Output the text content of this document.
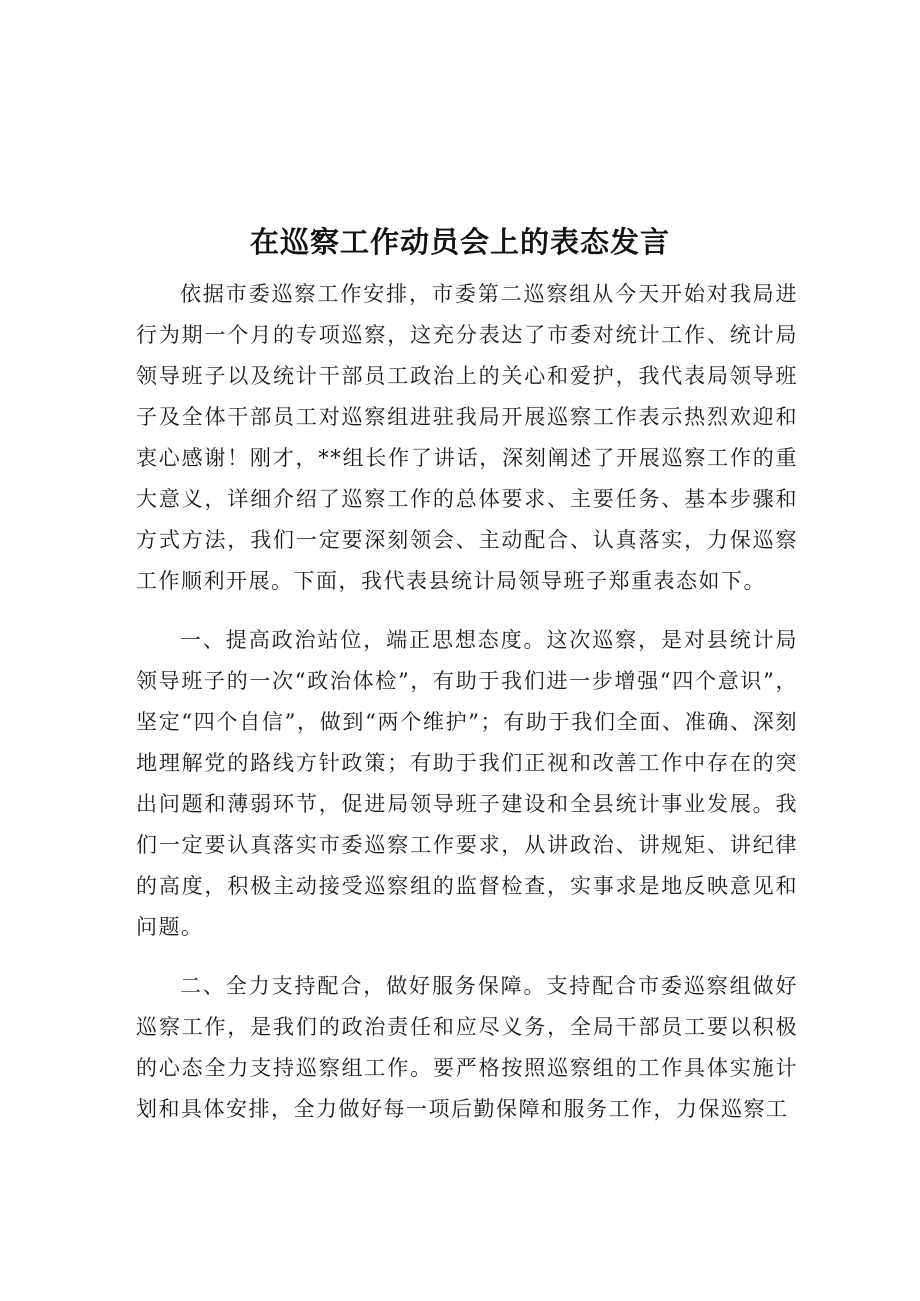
在巡察工作动员会上的表态发言

依据市委巡察工作安排，市委第二巡察组从今天开始对我局进行为期一个月的专项巡察，这充分表达了市委对统计工作、统计局领导班子以及统计干部员工政治上的关心和爱护，我代表局领导班子及全体干部员工对巡察组进驻我局开展巡察工作表示热烈欢迎和衷心感谢！刚才，**组长作了讲话，深刻阐述了开展巡察工作的重大意义，详细介绍了巡察工作的总体要求、主要任务、基本步骤和方式方法，我们一定要深刻领会、主动配合、认真落实，力保巡察工作顺利开展。下面，我代表县统计局领导班子郑重表态如下。

一、提高政治站位，端正思想态度。这次巡察，是对县统计局领导班子的一次“政治体检”，有助于我们进一步增强“四个意识”，坚定“四个自信”，做到“两个维护”；有助于我们全面、准确、深刻地理解党的路线方针政策；有助于我们正视和改善工作中存在的突出问题和薄弱环节，促进局领导班子建设和全县统计事业发展。我们一定要认真落实市委巡察工作要求，从讲政治、讲规矩、讲纪律的高度，积极主动接受巡察组的监督检查，实事求是地反映意见和问题。

二、全力支持配合，做好服务保障。支持配合市委巡察组做好巡察工作，是我们的政治责任和应尽义务，全局干部员工要以积极的心态全力支持巡察组工作。要严格按照巡察组的工作具体实施计划和具体安排，全力做好每一项后勤保障和服务工作，力保巡察工
